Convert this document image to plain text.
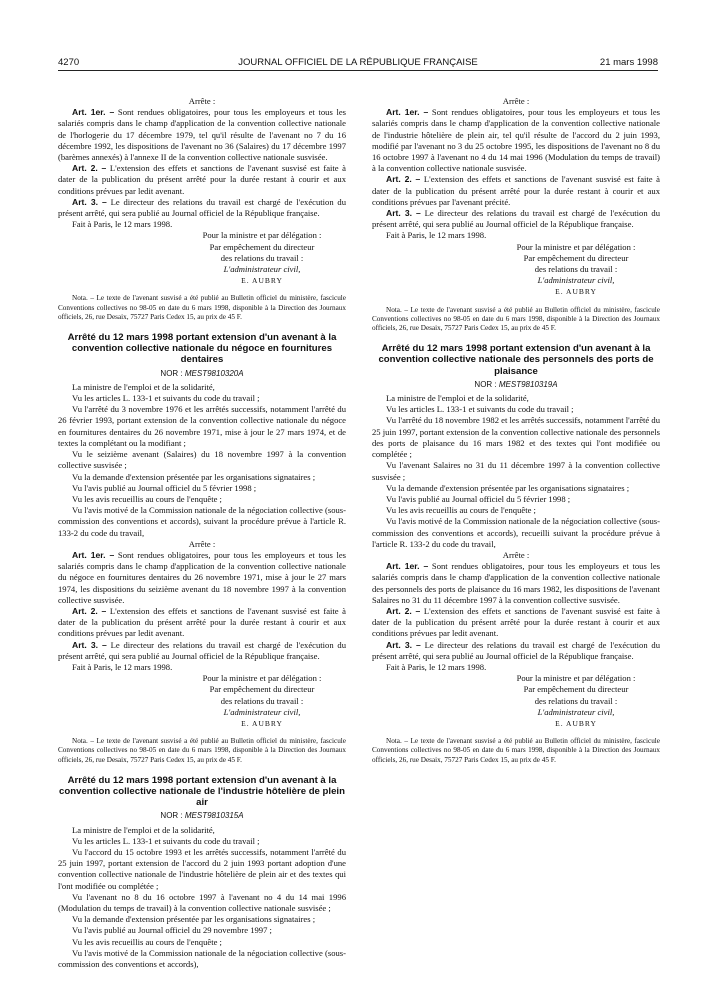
4270	JOURNAL OFFICIEL DE LA RÉPUBLIQUE FRANÇAISE	21 mars 1998

Arrête :

Art. 1er. – Sont rendues obligatoires, pour tous les employeurs et tous les salariés compris dans le champ d'application de la convention collective nationale de l'horlogerie du 17 décembre 1979, tel qu'il résulte de l'avenant no 7 du 16 décembre 1992, les dispositions de l'avenant no 36 (Salaires) du 17 décembre 1997 (barèmes annexés) à l'annexe II de la convention collective nationale susvisée.

Art. 2. – L'extension des effets et sanctions de l'avenant susvisé est faite à dater de la publication du présent arrêté pour la durée restant à courir et aux conditions prévues par ledit avenant.

Art. 3. – Le directeur des relations du travail est chargé de l'exécution du présent arrêté, qui sera publié au Journal officiel de la République française.

Fait à Paris, le 12 mars 1998.

Pour la ministre et par délégation :
Par empêchement du directeur
des relations du travail :
L'administrateur civil,
E. AUBRY

Nota. – Le texte de l'avenant susvisé a été publié au Bulletin officiel du ministère, fascicule Conventions collectives no 98-05 en date du 6 mars 1998, disponible à la Direction des Journaux officiels, 26, rue Desaix, 75727 Paris Cedex 15, au prix de 45 F.

Arrêté du 12 mars 1998 portant extension d'un avenant à la convention collective nationale du négoce en fournitures dentaires
NOR : MESТ9810320A

La ministre de l'emploi et de la solidarité,

Vu les articles L. 133-1 et suivants du code du travail ;

Vu l'arrêté du 3 novembre 1976 et les arrêtés successifs, notamment l'arrêté du 26 février 1993, portant extension de la convention collective nationale du négoce en fournitures dentaires du 26 novembre 1971, mise à jour le 27 mars 1974, et de textes la complétant ou la modifiant ;

Vu le seizième avenant (Salaires) du 18 novembre 1997 à la convention collective susvisée ;

Vu la demande d'extension présentée par les organisations signataires ;

Vu l'avis publié au Journal officiel du 5 février 1998 ;

Vu les avis recueillis au cours de l'enquête ;

Vu l'avis motivé de la Commission nationale de la négociation collective (sous-commission des conventions et accords), suivant la procédure prévue à l'article R. 133-2 du code du travail,

Arrête :

Art. 1er. – Sont rendues obligatoires, pour tous les employeurs et tous les salariés compris dans le champ d'application de la convention collective nationale du négoce en fournitures dentaires du 26 novembre 1971, mise à jour le 27 mars 1974, les dispositions du seizième avenant du 18 novembre 1997 à la convention collective susvisée.

Art. 2. – L'extension des effets et sanctions de l'avenant susvisé est faite à dater de la publication du présent arrêté pour la durée restant à courir et aux conditions prévues par ledit avenant.

Art. 3. – Le directeur des relations du travail est chargé de l'exécution du présent arrêté, qui sera publié au Journal officiel de la République française.

Fait à Paris, le 12 mars 1998.

Pour la ministre et par délégation :
Par empêchement du directeur
des relations du travail :
L'administrateur civil,
E. AUBRY

Nota. – Le texte de l'avenant susvisé a été publié au Bulletin officiel du ministère, fascicule Conventions collectives no 98-05 en date du 6 mars 1998, disponible à la Direction des Journaux officiels, 26, rue Desaix, 75727 Paris Cedex 15, au prix de 45 F.

Arrêté du 12 mars 1998 portant extension d'un avenant à la convention collective nationale de l'industrie hôtelière de plein air
NOR : MEST9810315A

La ministre de l'emploi et de la solidarité,

Vu les articles L. 133-1 et suivants du code du travail ;

Vu l'accord du 15 octobre 1993 et les arrêtés successifs, notamment l'arrêté du 25 juin 1997, portant extension de l'accord du 2 juin 1993 portant adoption d'une convention collective nationale de l'industrie hôtelière de plein air et des textes qui l'ont modifiée ou complétée ;

Vu l'avenant no 8 du 16 octobre 1997 à l'avenant no 4 du 14 mai 1996 (Modulation du temps de travail) à la convention collective nationale susvisée ;

Vu la demande d'extension présentée par les organisations signataires ;

Vu l'avis publié au Journal officiel du 29 novembre 1997 ;

Vu les avis recueillis au cours de l'enquête ;

Vu l'avis motivé de la Commission nationale de la négociation collective (sous-commission des conventions et accords),

Arrête :

Art. 1er. – Sont rendues obligatoires, pour tous les employeurs et tous les salariés compris dans le champ d'application de la convention collective nationale de l'industrie hôtelière de plein air, tel qu'il résulte de l'accord du 2 juin 1993, modifié par l'avenant no 3 du 25 octobre 1995, les dispositions de l'avenant no 8 du 16 octobre 1997 à l'avenant no 4 du 14 mai 1996 (Modulation du temps de travail) à la convention collective nationale susvisée.

Art. 2. – L'extension des effets et sanctions de l'avenant susvisé est faite à dater de la publication du présent arrêté pour la durée restant à courir et aux conditions prévues par l'avenant précité.

Art. 3. – Le directeur des relations du travail est chargé de l'exécution du présent arrêté, qui sera publié au Journal officiel de la République française.

Fait à Paris, le 12 mars 1998.

Pour la ministre et par délégation :
Par empêchement du directeur
des relations du travail :
L'administrateur civil,
E. AUBRY

Nota. – Le texte de l'avenant susvisé a été publié au Bulletin officiel du ministère, fascicule Conventions collectives no 98-05 en date du 6 mars 1998, disponible à la Direction des Journaux officiels, 26, rue Desaix, 75727 Paris Cedex 15, au prix de 45 F.

Arrêté du 12 mars 1998 portant extension d'un avenant à la convention collective nationale des personnels des ports de plaisance
NOR : MEST9810319A

La ministre de l'emploi et de la solidarité,

Vu les articles L. 133-1 et suivants du code du travail ;

Vu l'arrêté du 18 novembre 1982 et les arrêtés successifs, notamment l'arrêté du 25 juin 1997, portant extension de la convention collective nationale des personnels des ports de plaisance du 16 mars 1982 et des textes qui l'ont modifiée ou complétée ;

Vu l'avenant Salaires no 31 du 11 décembre 1997 à la convention collective susvisée ;

Vu la demande d'extension présentée par les organisations signataires ;

Vu l'avis publié au Journal officiel du 5 février 1998 ;

Vu les avis recueillis au cours de l'enquête ;

Vu l'avis motivé de la Commission nationale de la négociation collective (sous-commission des conventions et accords), recueilli suivant la procédure prévue à l'article R. 133-2 du code du travail,

Arrête :

Art. 1er. – Sont rendues obligatoires, pour tous les employeurs et tous les salariés compris dans le champ d'application de la convention collective nationale des personnels des ports de plaisance du 16 mars 1982, les dispositions de l'avenant Salaires no 31 du 11 décembre 1997 à la convention collective susvisée.

Art. 2. – L'extension des effets et sanctions de l'avenant susvisé est faite à dater de la publication du présent arrêté pour la durée restant à courir et aux conditions prévues par ledit avenant.

Art. 3. – Le directeur des relations du travail est chargé de l'exécution du présent arrêté, qui sera publié au Journal officiel de la République française.

Fait à Paris, le 12 mars 1998.

Pour la ministre et par délégation :
Par empêchement du directeur
des relations du travail :
L'administrateur civil,
E. AUBRY

Nota. – Le texte de l'avenant susvisé a été publié au Bulletin officiel du ministère, fascicule Conventions collectives no 98-05 en date du 6 mars 1998, disponible à la Direction des Journaux officiels, 26, rue Desaix, 75727 Paris Cedex 15, au prix de 45 F.
